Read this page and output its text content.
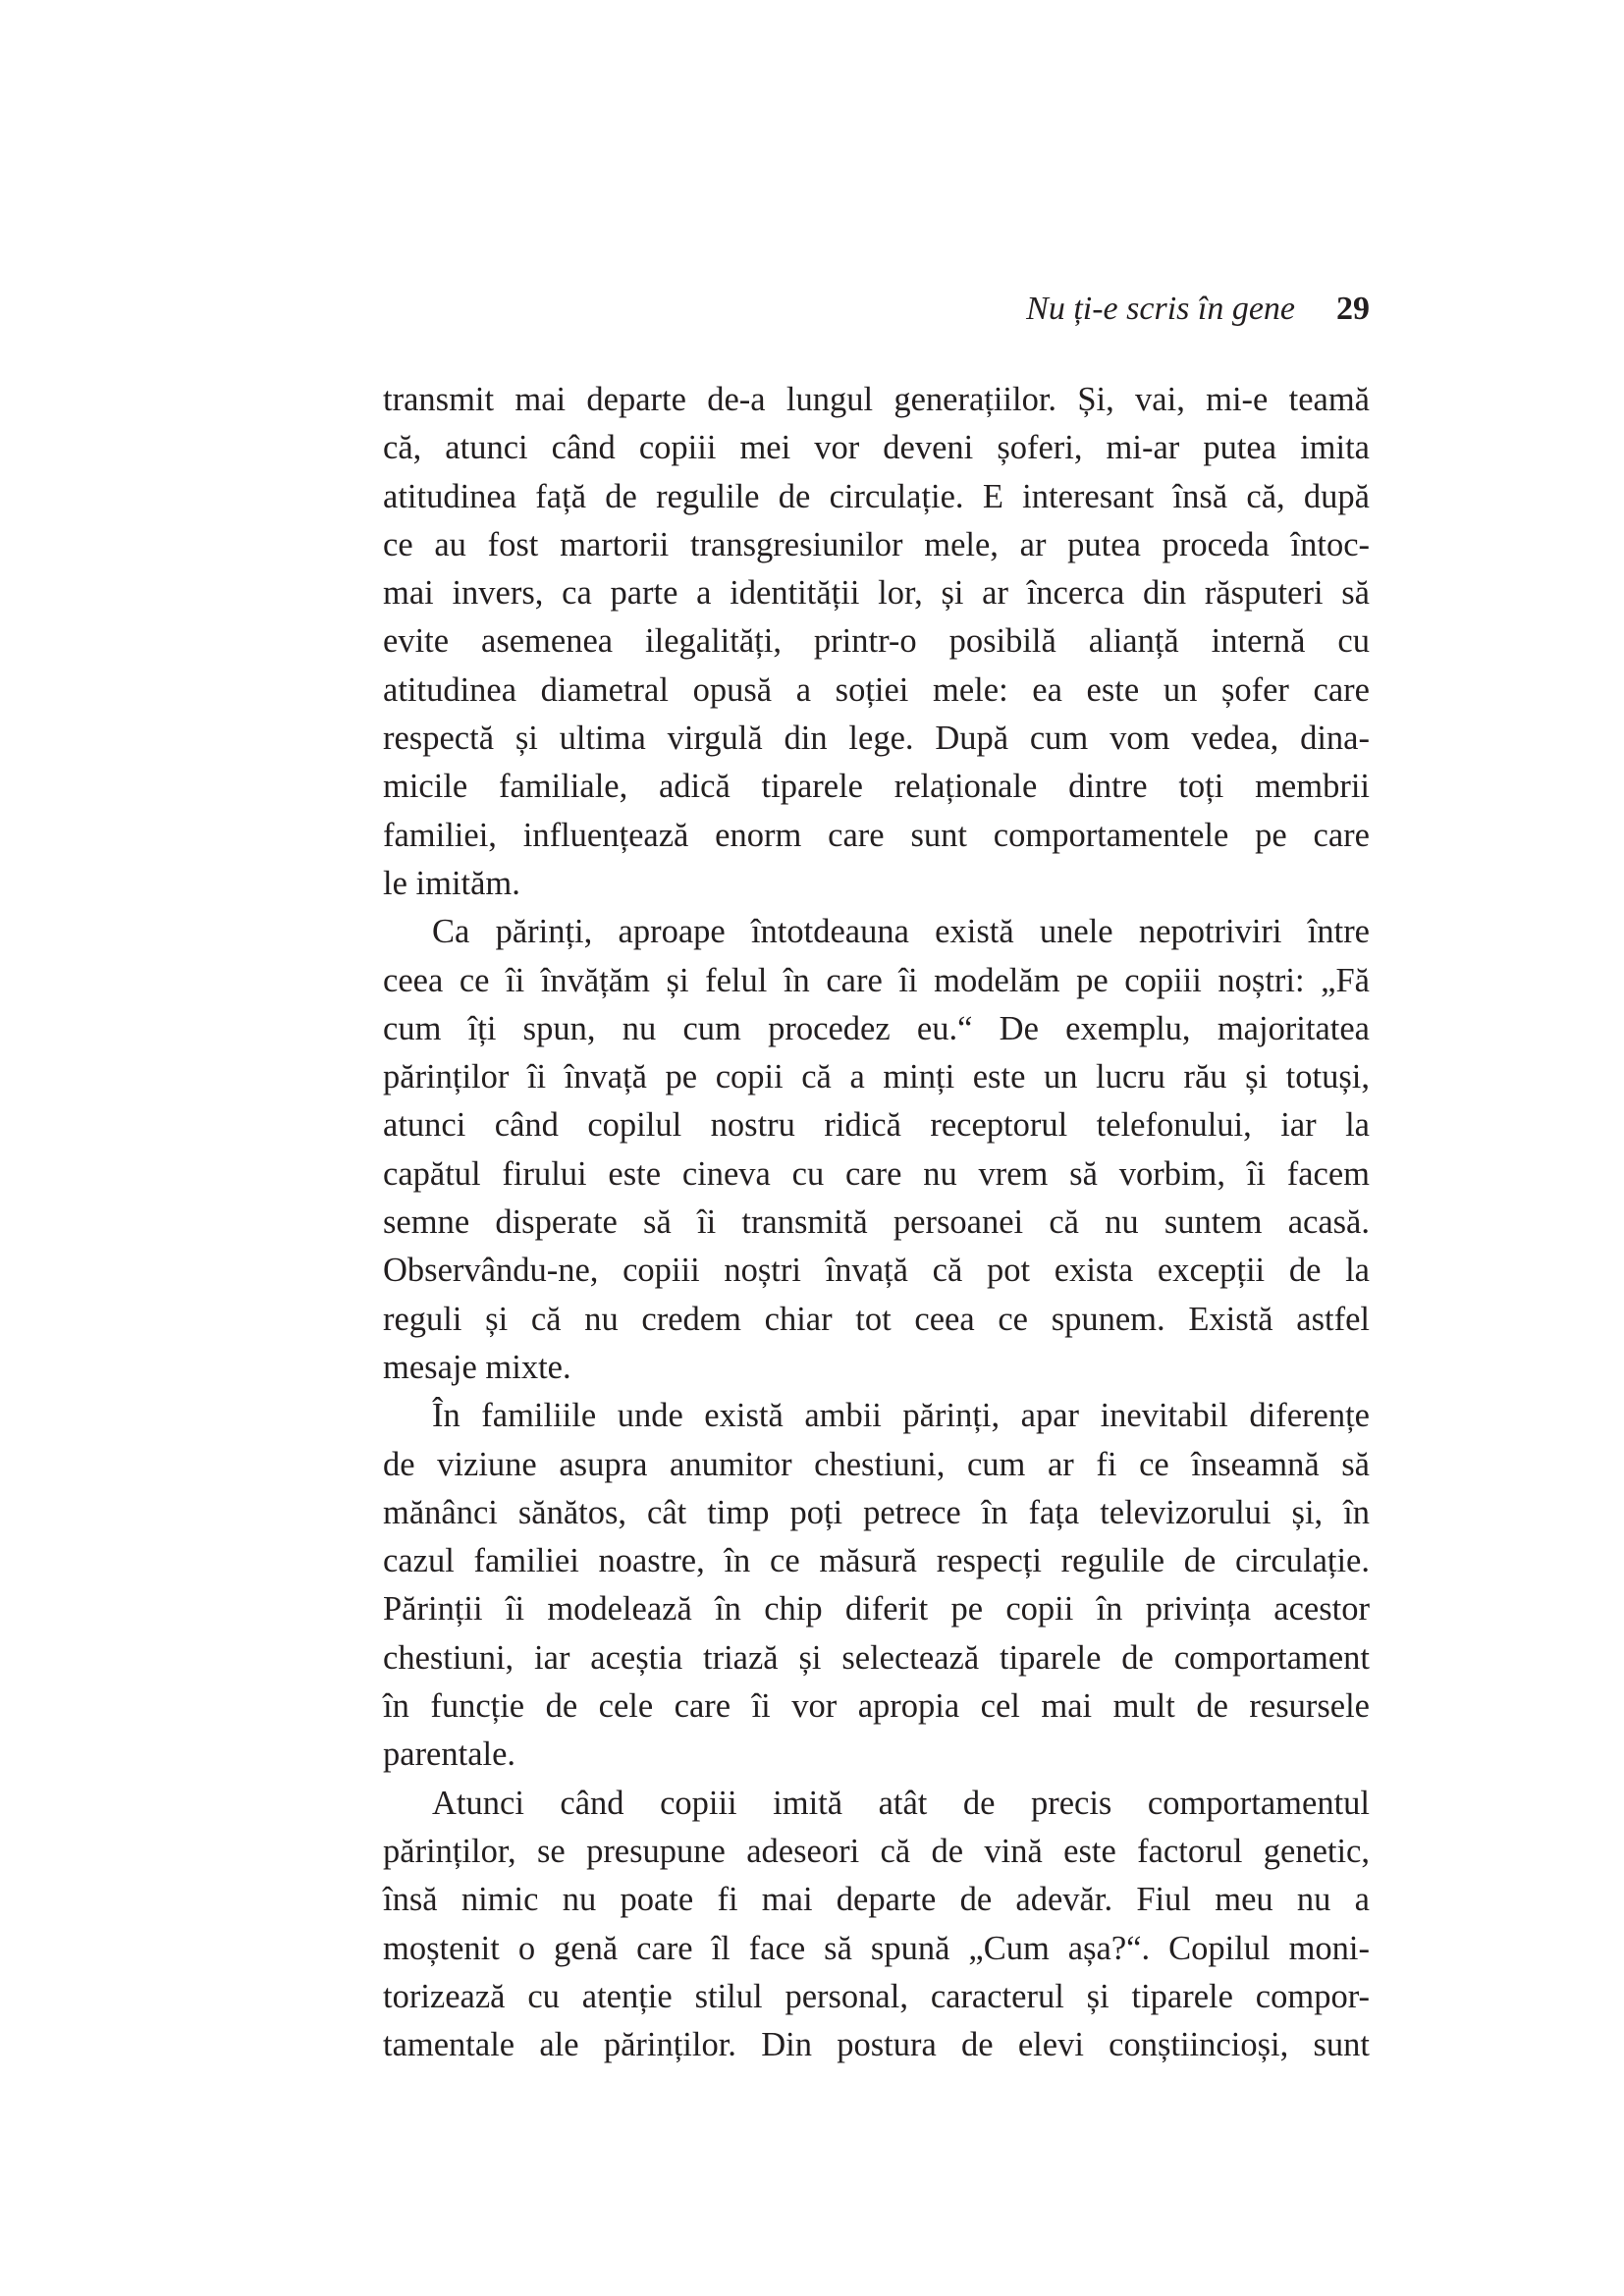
Nu ți-e scris în gene 29
transmit mai departe de-a lungul generațiilor. Și, vai, mi-e teamă
că, atunci când copiii mei vor deveni șoferi, mi-ar putea imita
atitudinea față de regulile de circulație. E interesant însă că, după
ce au fost martorii transgresiunilor mele, ar putea proceda întoc-
mai invers, ca parte a identității lor, și ar încerca din răsputeri să
evite asemenea ilegalități, printr-o posibilă alianță internă cu
atitudinea diametral opusă a soției mele: ea este un șofer care
respectă și ultima virgulă din lege. După cum vom vedea, dina-
micile familiale, adică tiparele relaționale dintre toți membrii
familiei, influențează enorm care sunt comportamentele pe care
le imităm.
Ca părinți, aproape întotdeauna există unele nepotriviri între
ceea ce îi învățăm și felul în care îi modelăm pe copiii noștri: „Fă
cum îți spun, nu cum procedez eu.“ De exemplu, majoritatea
părinților îi învață pe copii că a minți este un lucru rău și totuși,
atunci când copilul nostru ridică receptorul telefonului, iar la
capătul firului este cineva cu care nu vrem să vorbim, îi facem
semne disperate să îi transmită persoanei că nu suntem acasă.
Observându-ne, copiii noștri învață că pot exista excepții de la
reguli și că nu credem chiar tot ceea ce spunem. Există astfel
mesaje mixte.
În familiile unde există ambii părinți, apar inevitabil diferențe
de viziune asupra anumitor chestiuni, cum ar fi ce înseamnă să
mănânci sănătos, cât timp poți petrece în fața televizorului și, în
cazul familiei noastre, în ce măsură respecți regulile de circulație.
Părinții îi modelează în chip diferit pe copii în privința acestor
chestiuni, iar aceștia triază și selectează tiparele de comportament
în funcție de cele care îi vor apropia cel mai mult de resursele
parentale.
Atunci când copiii imită atât de precis comportamentul
părinților, se presupune adeseori că de vină este factorul genetic,
însă nimic nu poate fi mai departe de adevăr. Fiul meu nu a
moștenit o genă care îl face să spună „Cum așa?“. Copilul moni-
torizează cu atenție stilul personal, caracterul și tiparele compor-
tamentale ale părinților. Din postura de elevi conștiincioși, sunt
